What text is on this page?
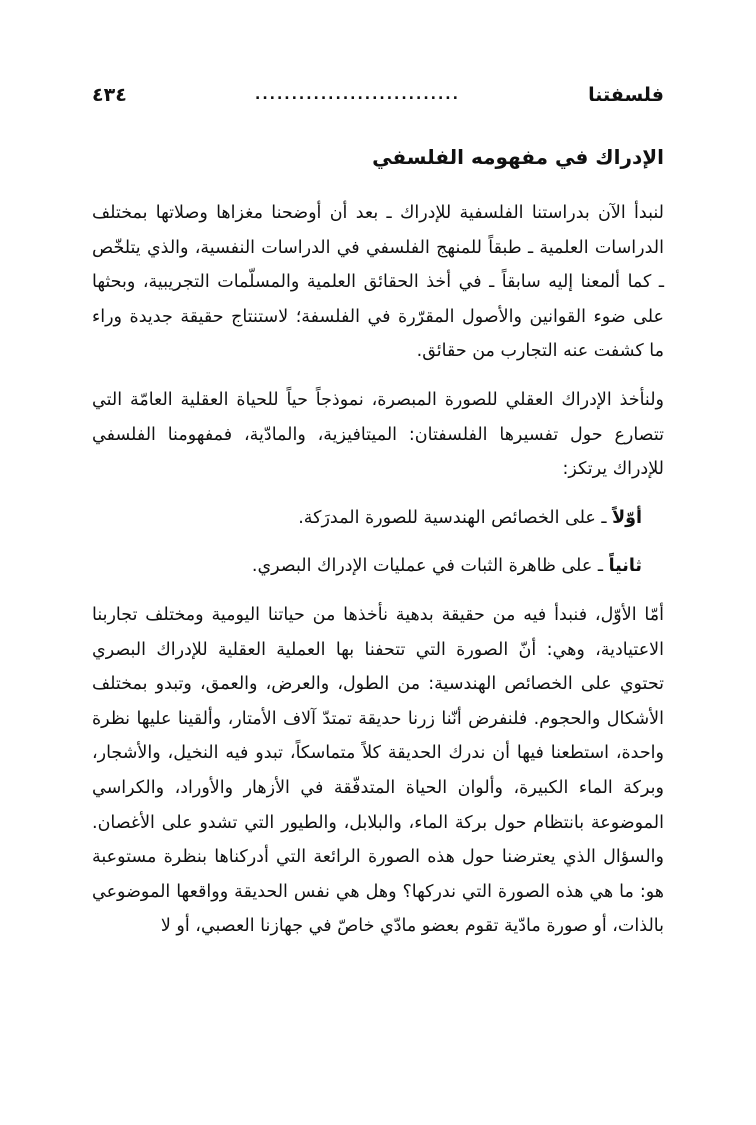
فلسفتنا
............................
٤٣٤
الإدراك في مفهومه الفلسفي

لنبدأ الآن بدراستنا الفلسفية للإدراك ـ بعد أن أوضحنا مغزاها وصلاتها بمختلف الدراسات العلمية ـ طبقاً للمنهج الفلسفي في الدراسات النفسية، والذي يتلخّص ـ كما ألمعنا إليه سابقاً ـ في أخذ الحقائق العلمية والمسلّمات التجريبية، وبحثها على ضوء القوانين والأصول المقرّرة في الفلسفة؛ لاستنتاج حقيقة جديدة وراء ما كشفت عنه التجارب من حقائق.

ولنأخذ الإدراك العقلي للصورة المبصرة، نموذجاً حياً للحياة العقلية العامّة التي تتصارع حول تفسيرها الفلسفتان: الميتافيزية، والمادّية، فمفهومنا الفلسفي للإدراك يرتكز:

أوّلاً ـ على الخصائص الهندسية للصورة المدرَكة.

ثانياً ـ على ظاهرة الثبات في عمليات الإدراك البصري.

أمّا الأوّل، فنبدأ فيه من حقيقة بدهية نأخذها من حياتنا اليومية ومختلف تجاربنا الاعتيادية، وهي: أنّ الصورة التي تتحفنا بها العملية العقلية للإدراك البصري تحتوي على الخصائص الهندسية: من الطول، والعرض، والعمق، وتبدو بمختلف الأشكال والحجوم. فلنفرض أنّنا زرنا حديقة تمتدّ آلاف الأمتار، وألقينا عليها نظرة واحدة، استطعنا فيها أن ندرك الحديقة كلاً متماسكاً، تبدو فيه النخيل، والأشجار، وبركة الماء الكبيرة، وألوان الحياة المتدفّقة في الأزهار والأوراد، والكراسي الموضوعة بانتظام حول بركة الماء، والبلابل، والطيور التي تشدو على الأغصان. والسؤال الذي يعترضنا حول هذه الصورة الرائعة التي أدركناها بنظرة مستوعبة هو: ما هي هذه الصورة التي ندركها؟ وهل هي نفس الحديقة وواقعها الموضوعي بالذات، أو صورة مادّية تقوم بعضو مادّي خاصّ في جهازنا العصبي، أو لا
